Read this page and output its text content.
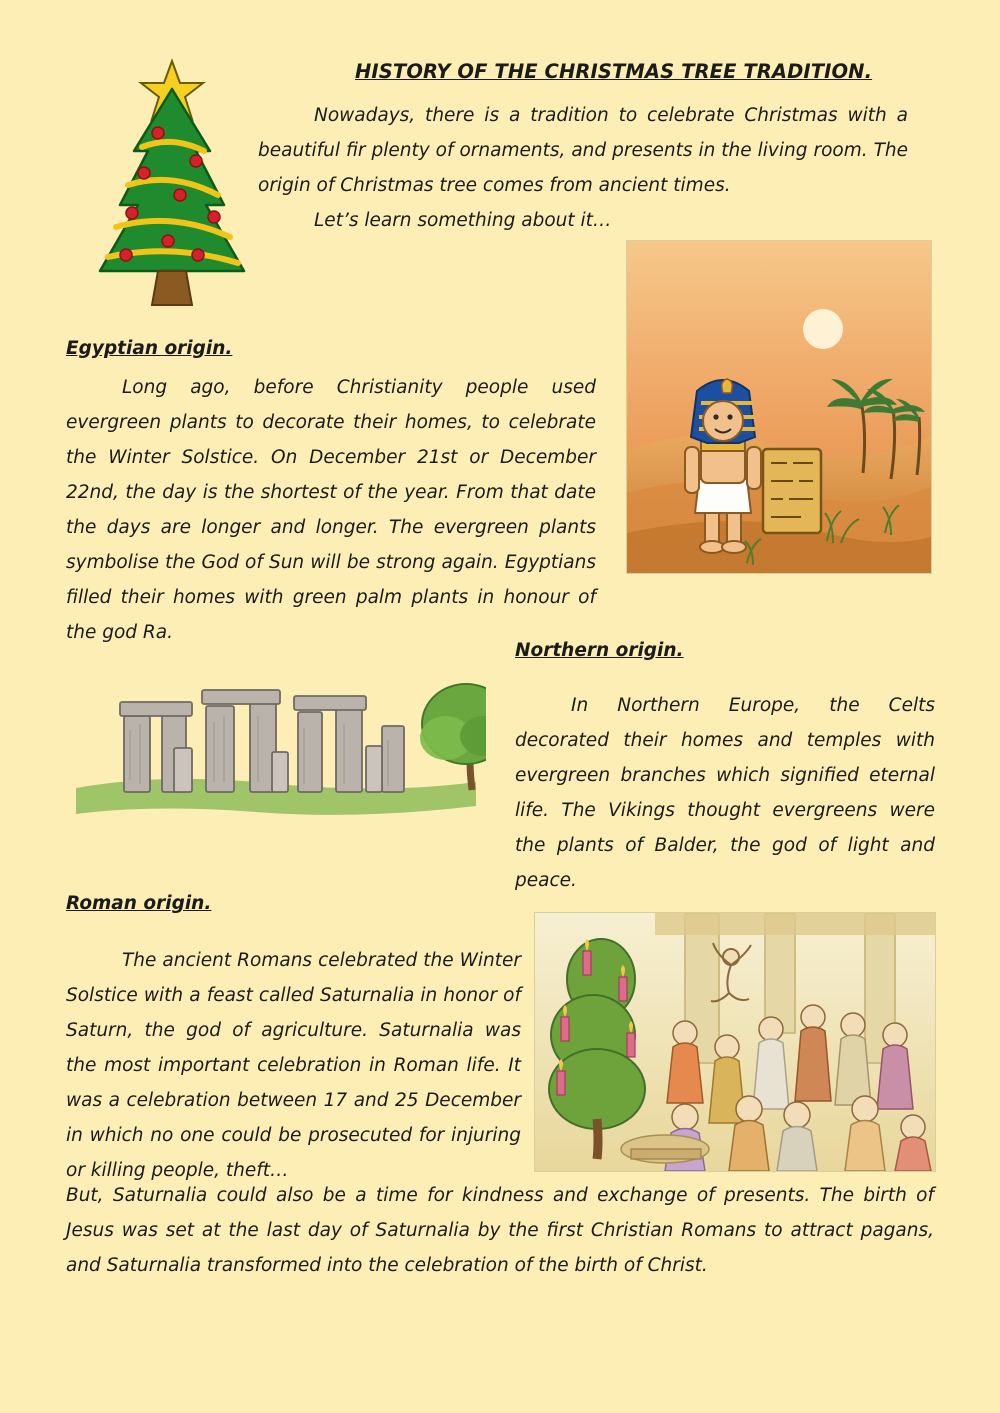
HISTORY OF THE CHRISTMAS TREE TRADITION.

Nowadays, there is a tradition to celebrate Christmas with a beautiful fir plenty of ornaments, and presents in the living room. The origin of Christmas tree comes from ancient times.

Let’s learn something about it…

Egyptian origin.

Long ago, before Christianity people used evergreen plants to decorate their homes, to celebrate the Winter Solstice. On December 21st or December 22nd, the day is the shortest of the year. From that date the days are longer and longer. The evergreen plants symbolise the God of Sun will be strong again. Egyptians filled their homes with green palm plants in honour of the god Ra.

Northern origin.

In Northern Europe, the Celts decorated their homes and temples with evergreen branches which signified eternal life. The Vikings thought evergreens were the plants of Balder, the god of light and peace.

Roman origin.

The ancient Romans celebrated the Winter Solstice with a feast called Saturnalia in honor of Saturn, the god of agriculture. Saturnalia was the most important celebration in Roman life. It was a celebration between 17 and 25 December in which no one could be prosecuted for injuring or killing people, theft…

But, Saturnalia could also be a time for kindness and exchange of presents. The birth of Jesus was set at the last day of Saturnalia by the first Christian Romans to attract pagans, and Saturnalia transformed into the celebration of the birth of Christ.
